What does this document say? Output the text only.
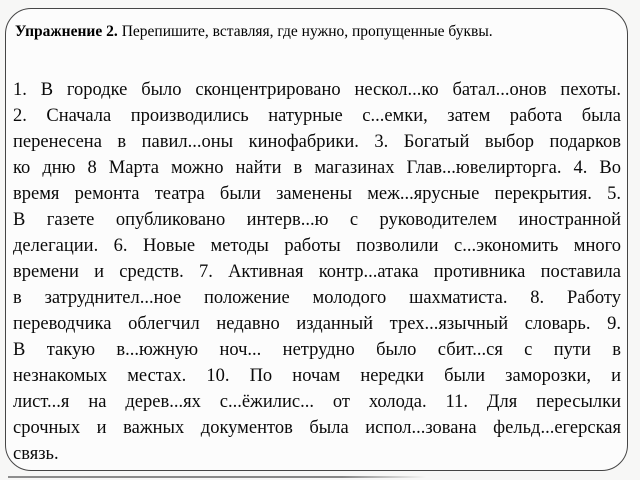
Упражнение 2. Перепишите, вставляя, где нужно, пропущенные буквы.
1. В городке было сконцентрировано нескол...ко батал...онов пехоты.
2. Сначала производились натурные с...емки, затем работа была
перенесена в павил...оны кинофабрики. 3. Богатый выбор подарков
ко дню 8 Марта можно найти в магазинах Глав...ювелирторга. 4. Во
время ремонта театра были заменены меж...ярусные перекрытия. 5.
В газете опубликовано интерв...ю с руководителем иностранной
делегации. 6. Новые методы работы позволили с...экономить много
времени и средств. 7. Активная контр...атака противника поставила
в затруднител...ное положение молодого шахматиста. 8. Работу
переводчика облегчил недавно изданный трех...язычный словарь. 9.
В такую в...южную ноч... нетрудно было сбит...ся с пути в
незнакомых местах. 10. По ночам нередки были заморозки, и
лист...я на дерев...ях с...ёжилис... от холода. 11. Для пересылки
срочных и важных документов была испол...зована фельд...егерская
связь.
